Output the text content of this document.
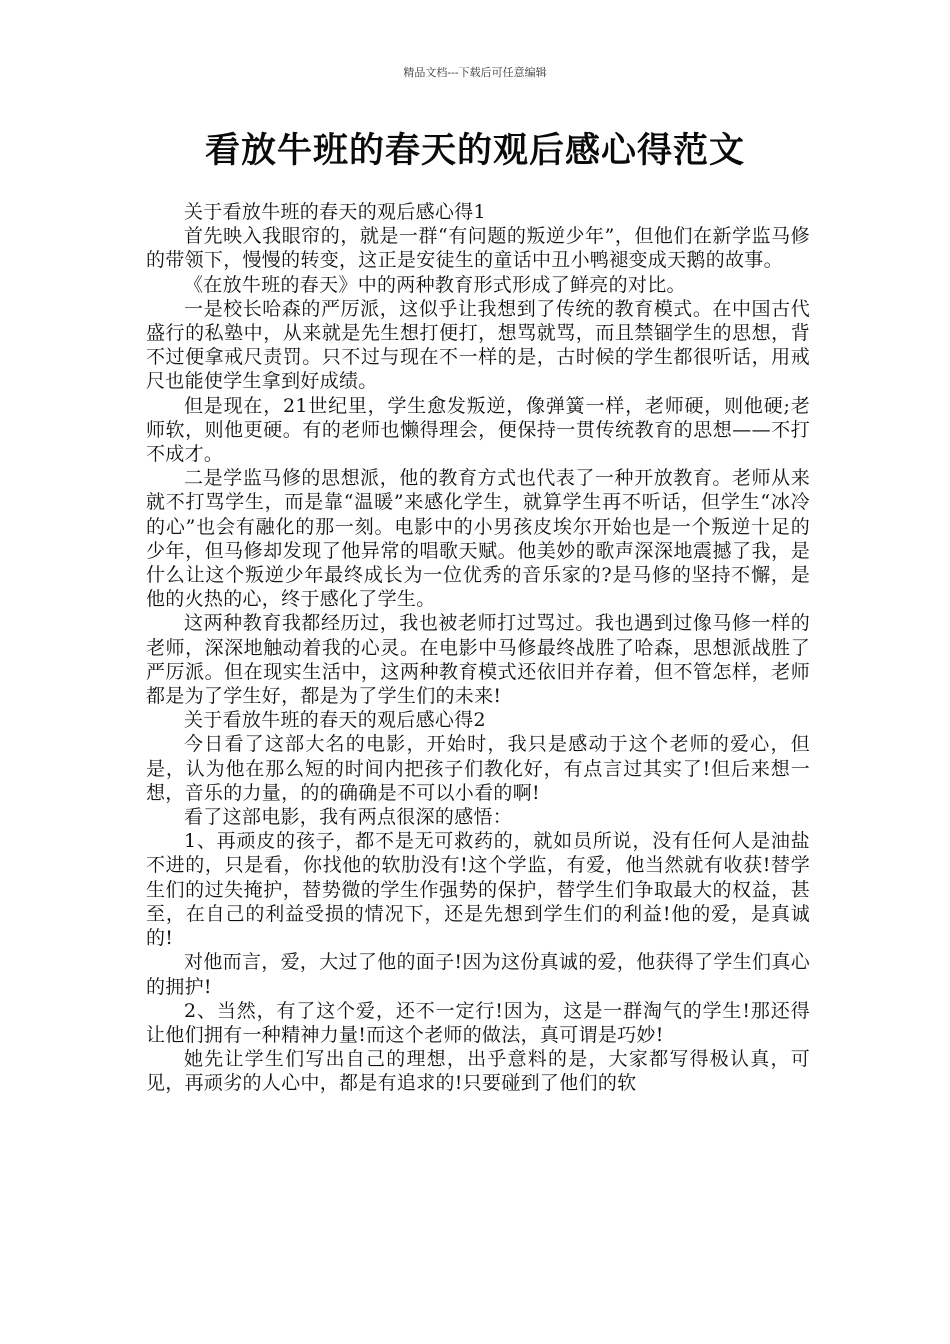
精品文档---下载后可任意编辑
看放牛班的春天的观后感心得范文

关于看放牛班的春天的观后感心得1

首先映入我眼帘的，就是一群“有问题的叛逆少年”，但他们在新学监马修的带领下，慢慢的转变，这正是安徒生的童话中丑小鸭褪变成天鹅的故事。

《在放牛班的春天》中的两种教育形式形成了鲜亮的对比。

一是校长哈森的严厉派，这似乎让我想到了传统的教育模式。在中国古代盛行的私塾中，从来就是先生想打便打，想骂就骂，而且禁锢学生的思想，背不过便拿戒尺责罚。只不过与现在不一样的是，古时候的学生都很听话，用戒尺也能使学生拿到好成绩。

但是现在，21世纪里，学生愈发叛逆，像弹簧一样，老师硬，则他硬;老师软，则他更硬。有的老师也懒得理会，便保持一贯传统教育的思想——不打不成才。

二是学监马修的思想派，他的教育方式也代表了一种开放教育。老师从来就不打骂学生，而是靠“温暖”来感化学生，就算学生再不听话，但学生“冰冷的心”也会有融化的那一刻。电影中的小男孩皮埃尔开始也是一个叛逆十足的少年，但马修却发现了他异常的唱歌天赋。他美妙的歌声深深地震撼了我，是什么让这个叛逆少年最终成长为一位优秀的音乐家的?是马修的坚持不懈，是他的火热的心，终于感化了学生。

这两种教育我都经历过，我也被老师打过骂过。我也遇到过像马修一样的老师，深深地触动着我的心灵。在电影中马修最终战胜了哈森，思想派战胜了严厉派。但在现实生活中，这两种教育模式还依旧并存着，但不管怎样，老师都是为了学生好，都是为了学生们的未来!

关于看放牛班的春天的观后感心得2

今日看了这部大名的电影，开始时，我只是感动于这个老师的爱心，但是，认为他在那么短的时间内把孩子们教化好，有点言过其实了!但后来想一想，音乐的力量，的的确确是不可以小看的啊!

看了这部电影，我有两点很深的感悟：

1、再顽皮的孩子，都不是无可救药的，就如员所说，没有任何人是油盐不进的，只是看，你找他的软肋没有!这个学监，有爱，他当然就有收获!替学生们的过失掩护，替势微的学生作强势的保护，替学生们争取最大的权益，甚至，在自己的利益受损的情况下，还是先想到学生们的利益!他的爱，是真诚的!

对他而言，爱，大过了他的面子!因为这份真诚的爱，他获得了学生们真心的拥护!

2、当然，有了这个爱，还不一定行!因为，这是一群淘气的学生!那还得让他们拥有一种精神力量!而这个老师的做法，真可谓是巧妙!

她先让学生们写出自己的理想，出乎意料的是，大家都写得极认真，可见，再顽劣的人心中，都是有追求的!只要碰到了他们的软
